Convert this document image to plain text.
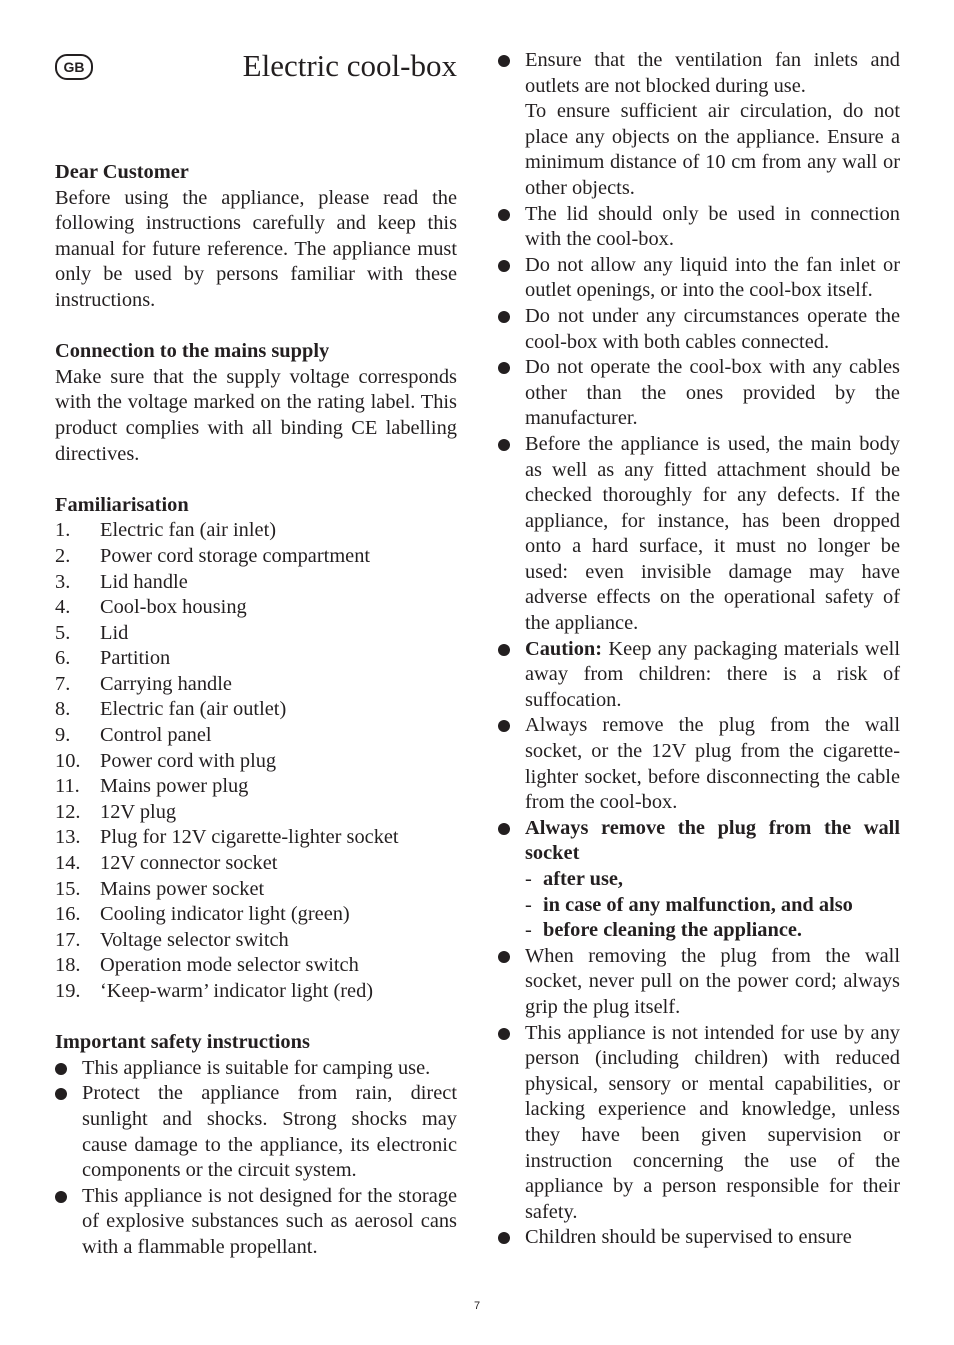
GB	Electric cool-box
Dear Customer
Before using the appliance, please read the following instructions carefully and keep this manual for future reference. The appliance must only be used by persons familiar with these instructions.
Connection to the mains supply
Make sure that the supply voltage corresponds with the voltage marked on the rating label. This product complies with all binding CE labelling directives.
Familiarisation
1.	Electric fan (air inlet)
2.	Power cord storage compartment
3.	Lid handle
4.	Cool-box housing
5.	Lid
6.	Partition
7.	Carrying handle
8.	Electric fan (air outlet)
9.	Control panel
10. Power cord with plug
11. Mains power plug
12. 12V plug
13. Plug for 12V cigarette-lighter socket
14. 12V connector socket
15. Mains power socket
16. Cooling indicator light (green)
17. Voltage selector switch
18. Operation mode selector switch
19. ‘Keep-warm’ indicator light (red)
Important safety instructions
This appliance is suitable for camping use.
Protect the appliance from rain, direct sunlight and shocks. Strong shocks may cause damage to the appliance, its electronic components or the circuit system.
This appliance is not designed for the storage of explosive substances such as aerosol cans with a flammable propellant.
Ensure that the ventilation fan inlets and outlets are not blocked during use.
To ensure sufficient air circulation, do not place any objects on the appliance. Ensure a minimum distance of 10 cm from any wall or other objects.
The lid should only be used in connection with the cool-box.
Do not allow any liquid into the fan inlet or outlet openings, or into the cool-box itself.
Do not under any circumstances operate the cool-box with both cables connected.
Do not operate the cool-box with any cables other than the ones provided by the manufacturer.
Before the appliance is used, the main body as well as any fitted attachment should be checked thoroughly for any defects. If the appliance, for instance, has been dropped onto a hard surface, it must no longer be used: even invisible damage may have adverse effects on the operational safety of the appliance.
Caution: Keep any packaging materials well away from children: there is a risk of suffocation.
Always remove the plug from the wall socket, or the 12V plug from the cigarette-lighter socket, before disconnecting the cable from the cool-box.
Always remove the plug from the wall socket
- after use,
- in case of any malfunction, and also
- before cleaning the appliance.
When removing the plug from the wall socket, never pull on the power cord; always grip the plug itself.
This appliance is not intended for use by any person (including children) with reduced physical, sensory or mental capabilities, or lacking experience and knowledge, unless they have been given supervision or instruction concerning the use of the appliance by a person responsible for their safety.
Children should be supervised to ensure
7
